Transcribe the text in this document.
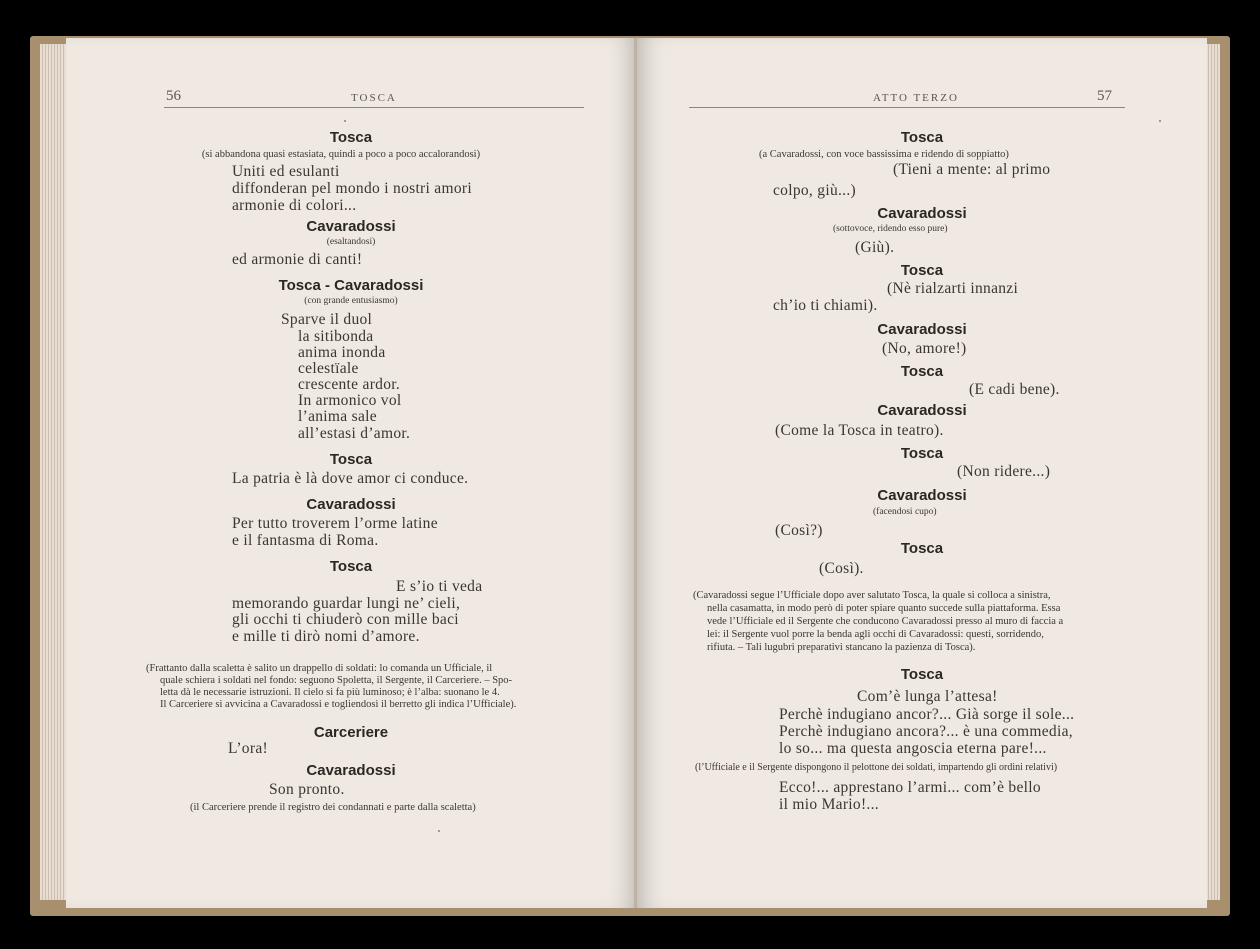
56	TOSCA
Tosca
(si abbandona quasi estasiata, quindi a poco a poco accalorandosi)
Uniti ed esulanti
diffonderan pel mondo i nostri amori
armonie di colori...
Cavaradossi
(esaltandosi)
ed armonie di canti!
Tosca - Cavaradossi
(con grande entusiasmo)
Sparve il duol
la sitibonda
anima inonda
celestïale
crescente ardor.
In armonico vol
l’anima sale
all’estasi d’amor.
Tosca
La patria è là dove amor ci conduce.
Cavaradossi
Per tutto troverem l’orme latine
e il fantasma di Roma.
Tosca
E s’io ti veda
memorando guardar lungi ne’ cieli,
gli occhi ti chiuderò con mille baci
e mille ti dirò nomi d’amore.
(Frattanto dalla scaletta è salito un drappello di soldati: lo comanda un Ufficiale, il
quale schiera i soldati nel fondo: seguono Spoletta, il Sergente, il Carceriere. – Spo-
letta dà le necessarie istruzioni. Il cielo si fa più luminoso; è l’alba: suonano le 4.
Il Carceriere si avvicina a Cavaradossi e togliendosi il berretto gli indica l’Ufficiale).
Carceriere
L’ora!
Cavaradossi
Son pronto.
(il Carceriere prende il registro dei condannati e parte dalla scaletta)
ATTO TERZO	57
Tosca
(a Cavaradossi, con voce bassissima e ridendo di soppiatto)
(Tieni a mente: al primo
colpo, giù...)
Cavaradossi
(sottovoce, ridendo esso pure)
(Giù).
Tosca
(Nè rialzarti innanzi
ch’io ti chiami).
Cavaradossi
(No, amore!)
Tosca
(E cadi bene).
Cavaradossi
(Come la Tosca in teatro).
Tosca
(Non ridere...)
Cavaradossi
(facendosi cupo)
(Così?)
Tosca
(Così).
(Cavaradossi segue l’Ufficiale dopo aver salutato Tosca, la quale si colloca a sinistra,
nella casamatta, in modo però di poter spiare quanto succede sulla piattaforma. Essa
vede l’Ufficiale ed il Sergente che conducono Cavaradossi presso al muro di faccia a
lei: il Sergente vuol porre la benda agli occhi di Cavaradossi: questi, sorridendo,
rifiuta. – Tali lugubri preparativi stancano la pazienza di Tosca).
Tosca
Com’è lunga l’attesa!
Perchè indugiano ancor?... Già sorge il sole...
Perchè indugiano ancora?... è una commedia,
lo so... ma questa angoscia eterna pare!...
(l’Ufficiale e il Sergente dispongono il pelottone dei soldati, impartendo gli ordini relativi)
Ecco!... apprestano l’armi... com’è bello
il mio Mario!...
